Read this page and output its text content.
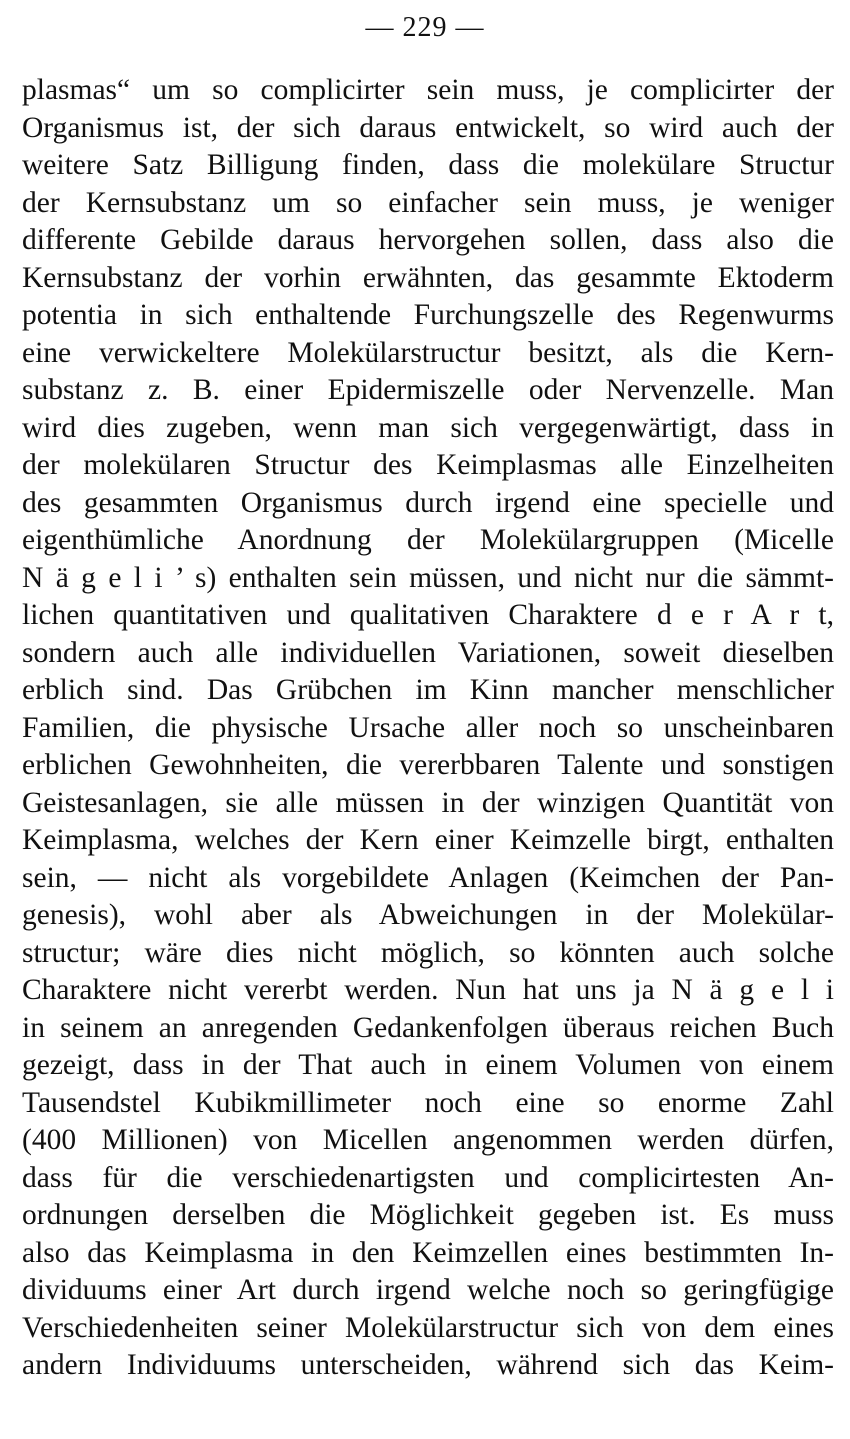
— 229 —
plasmas“ um so complicirter sein muss, je complicirter der
Organismus ist, der sich daraus entwickelt, so wird auch der
weitere Satz Billigung finden, dass die molekülare Structur
der Kernsubstanz um so einfacher sein muss, je weniger
differente Gebilde daraus hervorgehen sollen, dass also die
Kernsubstanz der vorhin erwähnten, das gesammte Ektoderm
potentia in sich enthaltende Furchungszelle des Regenwurms
eine verwickeltere Molekülarstructur besitzt, als die Kern-
substanz z. B. einer Epidermiszelle oder Nervenzelle. Man
wird dies zugeben, wenn man sich vergegenwärtigt, dass in
der molekülaren Structur des Keimplasmas alle Einzelheiten
des gesammten Organismus durch irgend eine specielle und
eigenthümliche Anordnung der Molekülargruppen (Micelle
N ä g e l i ’ s) enthalten sein müssen, und nicht nur die sämmt-
lichen quantitativen und qualitativen Charaktere d e r A r t,
sondern auch alle individuellen Variationen, soweit dieselben
erblich sind. Das Grübchen im Kinn mancher menschlicher
Familien, die physische Ursache aller noch so unscheinbaren
erblichen Gewohnheiten, die vererbbaren Talente und sonstigen
Geistesanlagen, sie alle müssen in der winzigen Quantität von
Keimplasma, welches der Kern einer Keimzelle birgt, enthalten
sein, — nicht als vorgebildete Anlagen (Keimchen der Pan-
genesis), wohl aber als Abweichungen in der Molekülar-
structur; wäre dies nicht möglich, so könnten auch solche
Charaktere nicht vererbt werden. Nun hat uns ja N ä g e l i
in seinem an anregenden Gedankenfolgen überaus reichen Buch
gezeigt, dass in der That auch in einem Volumen von einem
Tausendstel Kubikmillimeter noch eine so enorme Zahl
(400 Millionen) von Micellen angenommen werden dürfen,
dass für die verschiedenartigsten und complicirtesten An-
ordnungen derselben die Möglichkeit gegeben ist. Es muss
also das Keimplasma in den Keimzellen eines bestimmten In-
dividuums einer Art durch irgend welche noch so geringfügige
Verschiedenheiten seiner Molekülarstructur sich von dem eines
andern Individuums unterscheiden, während sich das Keim-
